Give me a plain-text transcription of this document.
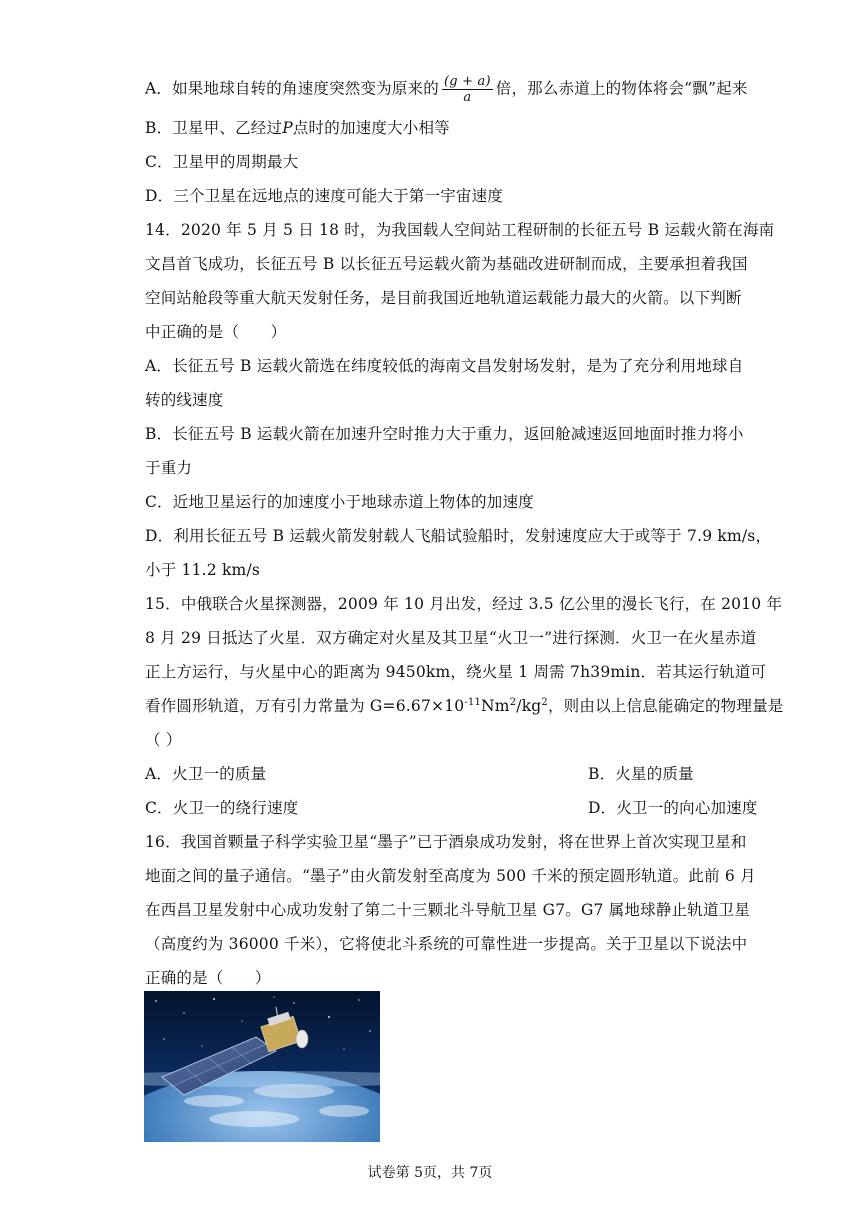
A．如果地球自转的角速度突然变为原来的 $\frac{(g + a)}{a}$ 倍，那么赤道上的物体将会“飘”起来
B．卫星甲、乙经过P点时的加速度大小相等
C．卫星甲的周期最大
D．三个卫星在远地点的速度可能大于第一宇宙速度
14．2020 年 5 月 5 日 18 时，为我国载人空间站工程研制的长征五号 B 运载火箭在海南
文昌首飞成功，长征五号 B 以长征五号运载火箭为基础改进研制而成，主要承担着我国
空间站舱段等重大航天发射任务，是目前我国近地轨道运载能力最大的火箭。以下判断
中正确的是（　　）
A．长征五号 B 运载火箭选在纬度较低的海南文昌发射场发射，是为了充分利用地球自
转的线速度
B．长征五号 B 运载火箭在加速升空时推力大于重力，返回舱减速返回地面时推力将小
于重力
C．近地卫星运行的加速度小于地球赤道上物体的加速度
D．利用长征五号 B 运载火箭发射载人飞船试验船时，发射速度应大于或等于 7.9 km/s，
小于 11.2 km/s
15．中俄联合火星探测器，2009 年 10 月出发，经过 3.5 亿公里的漫长飞行，在 2010 年
8 月 29 日抵达了火星．双方确定对火星及其卫星“火卫一”进行探测．火卫一在火星赤道
正上方运行，与火星中心的距离为 9450km，绕火星 1 周需 7h39min．若其运行轨道可
看作圆形轨道，万有引力常量为 $G=6.67\times 10^{-11}Nm^2/kg^2$，则由以上信息能确定的物理量是
（ ）
A．火卫一的质量	B．火星的质量
C．火卫一的绕行速度	D．火卫一的向心加速度
16．我国首颗量子科学实验卫星“墨子”已于酒泉成功发射，将在世界上首次实现卫星和
地面之间的量子通信。“墨子”由火箭发射至高度为 500 千米的预定圆形轨道。此前 6 月
在西昌卫星发射中心成功发射了第二十三颗北斗导航卫星 G7。G7 属地球静止轨道卫星
（高度约为 36000 千米），它将使北斗系统的可靠性进一步提高。关于卫星以下说法中
正确的是（　　）
试卷第 5页，共 7页
